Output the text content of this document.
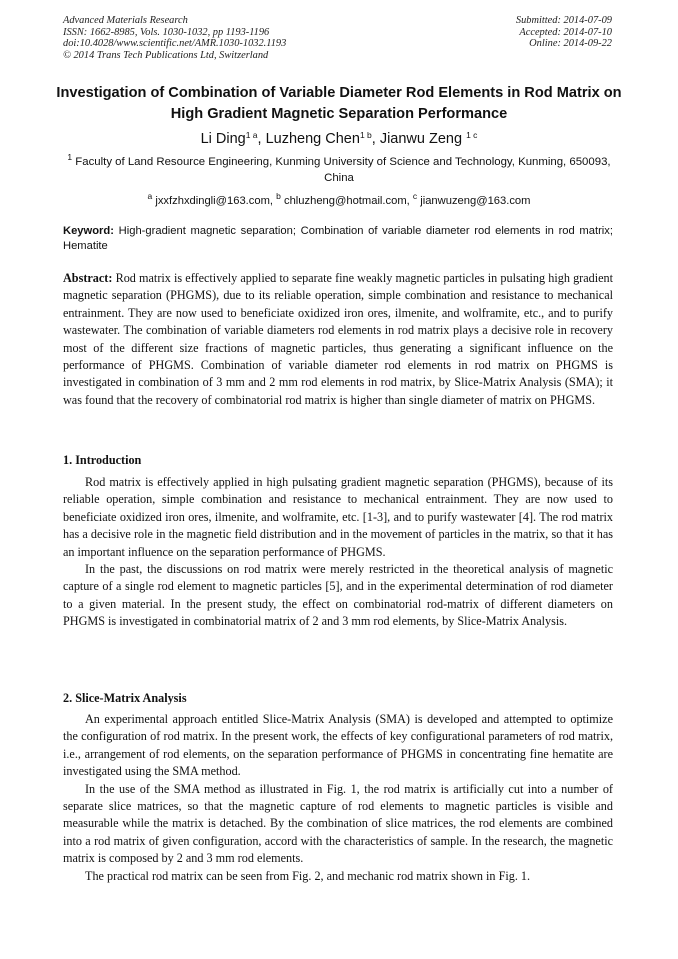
Advanced Materials Research
ISSN: 1662-8985, Vols. 1030-1032, pp 1193-1196
doi:10.4028/www.scientific.net/AMR.1030-1032.1193
© 2014 Trans Tech Publications Ltd, Switzerland
Submitted: 2014-07-09
Accepted: 2014-07-10
Online: 2014-09-22
Investigation of Combination of Variable Diameter Rod Elements in Rod Matrix on High Gradient Magnetic Separation Performance
Li Ding$^{1 a}$, Luzheng Chen$^{1 b}$, Jianwu Zeng $^{1 c}$
$^1$ Faculty of Land Resource Engineering, Kunming University of Science and Technology, Kunming, 650093, China
$^a$ jxxfzhxdingli@163.com, $^b$ chluzheng@hotmail.com, $^c$ jianwuzeng@163.com
Keyword: High-gradient magnetic separation; Combination of variable diameter rod elements in rod matrix; Hematite

Abstract: Rod matrix is effectively applied to separate fine weakly magnetic particles in pulsating high gradient magnetic separation (PHGMS), due to its reliable operation, simple combination and resistance to mechanical entrainment. They are now used to beneficiate oxidized iron ores, ilmenite, and wolframite, etc., and to purify wastewater. The combination of variable diameters rod elements in rod matrix plays a decisive role in recovery most of the different size fractions of magnetic particles, thus generating a significant influence on the performance of PHGMS. Combination of variable diameter rod elements in rod matrix on PHGMS is investigated in combination of 3 mm and 2 mm rod elements in rod matrix, by Slice-Matrix Analysis (SMA); it was found that the recovery of combinatorial rod matrix is higher than single diameter of matrix on PHGMS.

1. Introduction

Rod matrix is effectively applied in high pulsating gradient magnetic separation (PHGMS), because of its reliable operation, simple combination and resistance to mechanical entrainment. They are now used to beneficiate oxidized iron ores, ilmenite, and wolframite, etc. [1-3], and to purify wastewater [4]. The rod matrix has a decisive role in the magnetic field distribution and in the movement of particles in the matrix, so that it has an important influence on the separation performance of PHGMS.

In the past, the discussions on rod matrix were merely restricted in the theoretical analysis of magnetic capture of a single rod element to magnetic particles [5], and in the experimental determination of rod diameter to a given material. In the present study, the effect on combinatorial rod-matrix of different diameters on PHGMS is investigated in combinatorial matrix of 2 and 3 mm rod elements, by Slice-Matrix Analysis.

2. Slice-Matrix Analysis

An experimental approach entitled Slice-Matrix Analysis (SMA) is developed and attempted to optimize the configuration of rod matrix. In the present work, the effects of key configurational parameters of rod matrix, i.e., arrangement of rod elements, on the separation performance of PHGMS in concentrating fine hematite are investigated using the SMA method.

In the use of the SMA method as illustrated in Fig. 1, the rod matrix is artificially cut into a number of separate slice matrices, so that the magnetic capture of rod elements to magnetic particles is visible and measurable while the matrix is detached. By the combination of slice matrices, the rod elements are combined into a rod matrix of given configuration, accord with the characteristics of sample. In the research, the magnetic matrix is composed by 2 and 3 mm rod elements.

The practical rod matrix can be seen from Fig. 2, and mechanic rod matrix shown in Fig. 1.
